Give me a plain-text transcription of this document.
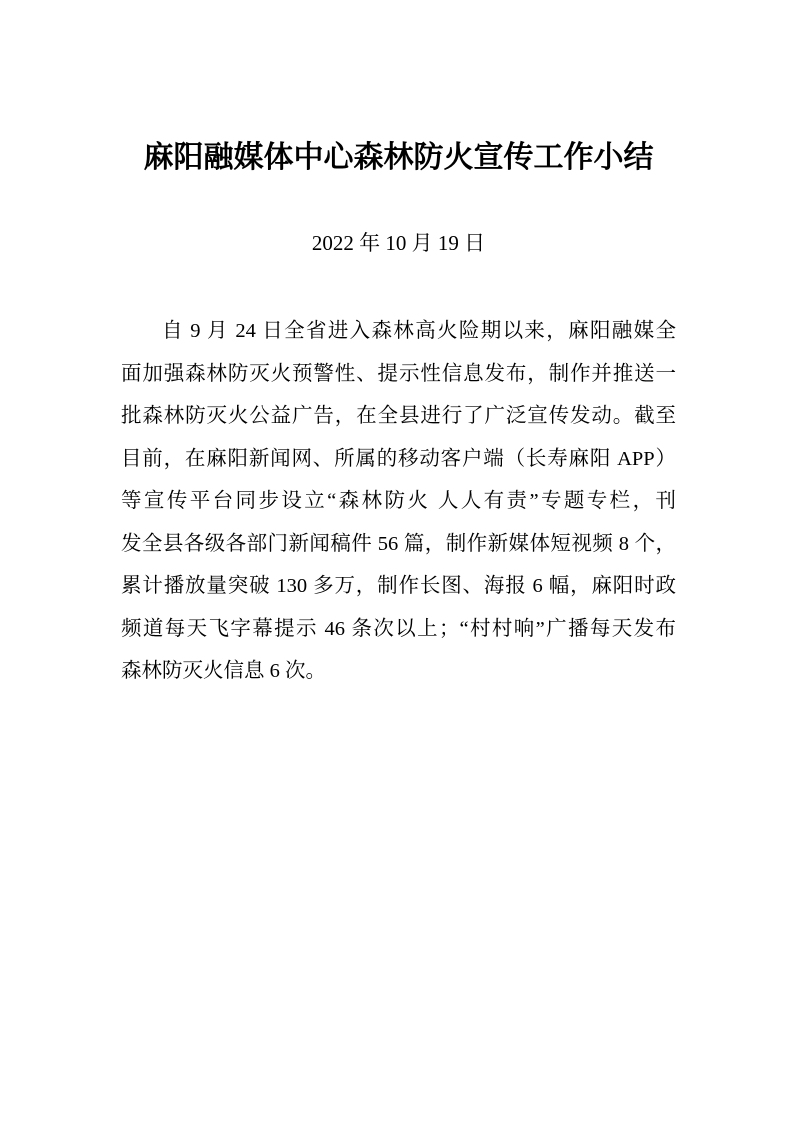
麻阳融媒体中心森林防火宣传工作小结
2022 年 10 月 19 日
自 9 月 24 日全省进入森林高火险期以来，麻阳融媒全
面加强森林防灭火预警性、提示性信息发布，制作并推送一
批森林防灭火公益广告，在全县进行了广泛宣传发动。截至
目前，在麻阳新闻网、所属的移动客户端（长寿麻阳 APP）
等宣传平台同步设立“森林防火 人人有责”专题专栏，刊
发全县各级各部门新闻稿件 56 篇，制作新媒体短视频 8 个，
累计播放量突破 130 多万，制作长图、海报 6 幅，麻阳时政
频道每天飞字幕提示 46 条次以上；“村村响”广播每天发布
森林防灭火信息 6 次。
